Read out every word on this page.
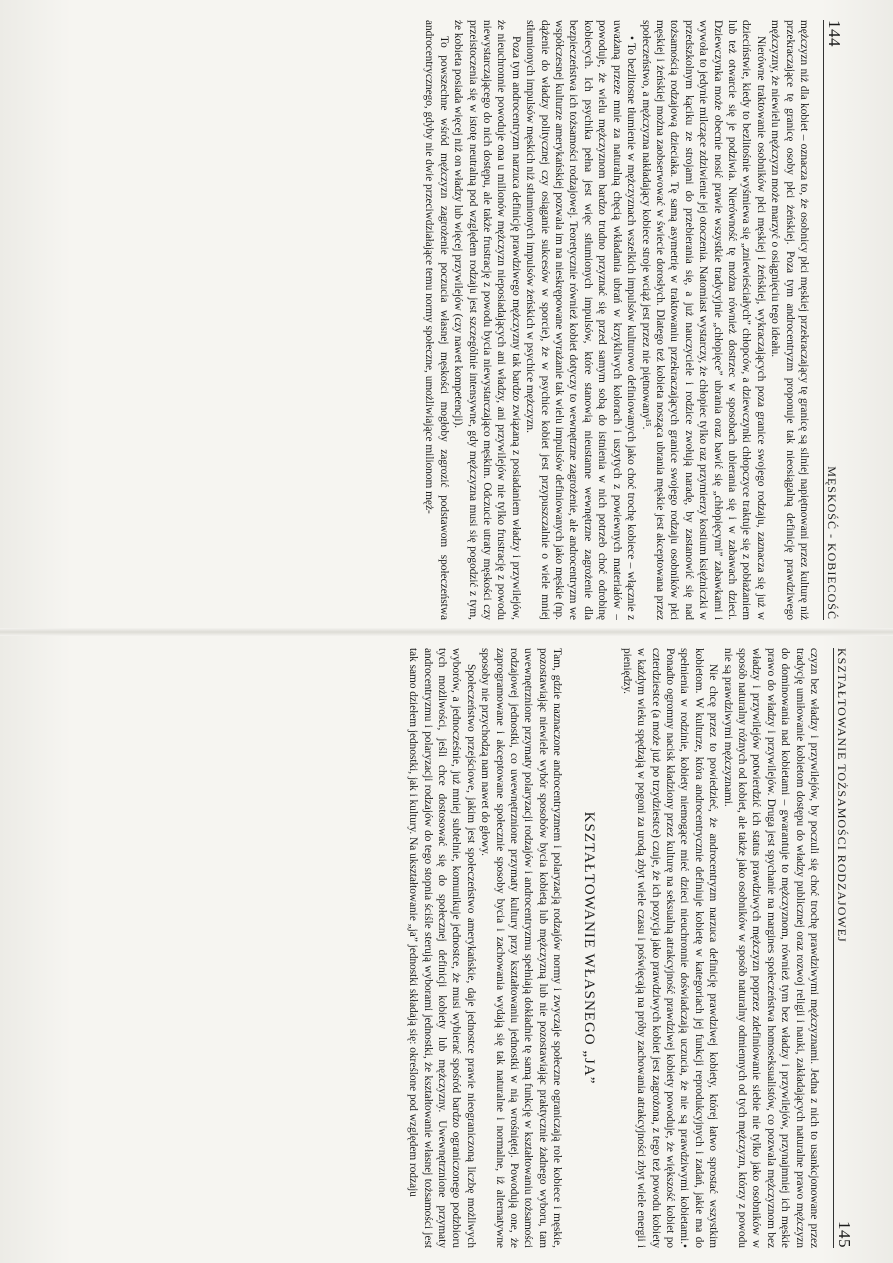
144
MĘSKOŚĆ - KOBIECOŚĆ

mężczyzn niż dla kobiet – oznacza to, że osobnicy płci męskiej przekraczający tę granicę są silniej napiętnowani przez kulturę niż przekraczające tę granicę osoby płci żeńskiej. Poza tym androcentryzm proponuje tak nieosiągalną definicję prawdziwego mężczyzny, że niewielu mężczyzn może marzyć o osiągnięciu tego ideału.

Nierówne traktowanie osobników płci męskiej i żeńskiej, wykraczających poza granice swojego rodzaju, zaznacza się już w dzieciństwie, kiedy to bezlitośnie wyśmiewa się „zniewieściałych” chłopców, a dziewczynki chłopczyce traktuje się z pobłażaniem lub też otwarcie się je podziwia. Nierówność tę można również dostrzec w sposobach ubierania się i w zabawach dzieci. Dziewczynka może obecnie nosić prawie wszystkie tradycyjnie „chłopięce” ubrania oraz bawić się „chłopięcymi” zabawkami i wywoła to jedynie milczące zdziwienie jej otoczenia. Natomiast wystarczy, że chłopiec tylko raz przymierzy kostium księżniczki w przedszkolnym kąciku ze strojami do przebierania się, a już nauczyciele i rodzice zwołują naradę, by zastanowić się nad tożsamością rodzajową dzieciaka. Tę samą asymetrię w traktowaniu przekraczających granice swojego rodzaju osobników płci męskiej i żeńskiej można zaobserwować w świecie dorosłych. Dlatego też kobieta nosząca ubrania męskie jest akceptowana przez społeczeństwo, a mężczyzna nakładający kobiece stroje wciąż jest przez nie piętnowany¹⁵.

• To bezlitosne tłumienie w mężczyznach wszelkich impulsów kulturowo definiowanych jako choć trochę kobiece – włącznie z uważaną przeze mnie za naturalną chęcią wkładania ubrań w krzykliwych kolorach i uszytych z powiewnych materiałów – powoduje, że wielu mężczyznom bardzo trudno przyznać się przed samym sobą do istnienia w nich potrzeb choć odrobinę kobiecych. Ich psychika pełna jest więc stłumionych impulsów, które stanowią nieustanne wewnętrzne zagrożenie dla bezpieczeństwa ich tożsamości rodzajowej. Teoretycznie również kobiet dotyczy to wewnętrzne zagrożenie, ale androcentryzm we współczesnej kulturze amerykańskiej pozwala im na nieskrępowane wyrażanie tak wielu impulsów definiowanych jako męskie (np. dążenie do władzy politycznej czy osiąganie sukcesów w sporcie), że w psychice kobiet jest przypuszczalnie o wiele mniej stłumionych impulsów męskich niż stłumionych impulsów żeńskich w psychice mężczyzn.

Poza tym androcentryzm narzuca definicję prawdziwego mężczyzny tak bardzo związaną z posiadaniem władzy i przywilejów, że nieuchronnie powoduje ona u milionów mężczyzn nieposiadających ani władzy, ani przywilejów nie tylko frustrację z powodu niewystarczającego do nich dostępu, ale także frustrację z powodu bycia niewystarczająco męskim. Odczucie utraty męskości czy przeistoczenia się w istotę neutralną pod względem rodzaju jest szczególnie intensywne, gdy mężczyzna musi się pogodzić z tym, że kobieta posiada więcej niż on władzy lub więcej przywilejów (czy nawet kompetencji).

To powszechne wśród mężczyzn zagrożenie poczucia własnej męskości mogłoby zagrozić podstawom społeczeństwa androcentrycznego, gdyby nie dwie przeciwdziałające temu normy społeczne, umożliwiające milionom męż-

KSZTAŁTOWANIE TOŻSAMOŚCI RODZAJOWEJ
145

czyzn bez władzy i przywilejów, by poczuli się choć trochę prawdziwymi mężczyznami. Jedna z nich to usankcjonowane przez tradycję umiłowanie kobietom dostępu do władzy publicznej oraz rozwoj religii i nauki, zakładających naturalne prawo mężczyzn do dominowania nad kobietami – gwarantuje to mężczyznom, również tym bez władzy i przywilejów, przynajmniej ich męskie prawo do władzy i przywilejów. Druga jest spychanie na margines społeczeństwa homoseksualistów, co pozwala mężczyznom bez władzy i przywilejów potwierdzić ich status prawdziwych mężczyzn poprzez zdefiniowanie siebie nie tylko jako osobników w sposób naturalny różnych od kobiet, ale także jako osobników w sposób naturalny odmiennych od tych mężczyzn, którzy z powodu nie są prawdziwymi mężczyznami.

Nie chcę przez to powiedzieć, że androcentryzm narzuca definicję prawdziwej kobiety, której łatwo sprostać wszystkim kobietom. W kulturze, która androcentrycznie definiuje kobietę w kategoriach jej funkcji reprodukcyjnych i zadań, jakie ma do spełnienia w rodzinie, kobiety niemogące mieć dzieci nieuchronnie doświadczają uczucia, że nie są prawdziwymi kobietami.• Ponadto ogromny nacisk kładziony przez kulturę na seksualną atrakcyjność prawdziwej kobiety powoduje, że większość kobiet po czterdziestce (a może już po trzydziestce) czuje, że ich pozycja jako prawdziwych kobiet jest zagrożona, z tego też powodu kobiety w każdym wieku spędzają w pogoni za urodą zbyt wiele czasu i poświęcają na próby zachowania atrakcyjności zbyt wiele energii i pieniędzy.

KSZTAŁTOWANIE WŁASNEGO „JA”

Tam, gdzie naznaczone androcentryzmem i polaryzacją rodzajów normy i zwyczaje społeczne ograniczają role kobiece i męskie, pozostawiając niewiele wybór sposobów bycia kobietą lub mężczyzną lub nie pozostawiając praktycznie żadnego wyboru, tam uwewnętrznione przymaty polaryzacji rodzajów i androcentryzmu spełniają dokładnie tę samą funkcję w kształtowaniu tożsamości rodzajowej jednostki, co uwewnętrznione przymaty kultury przy kształtowaniu jednostki w nią wrośniętej. Powodują one, że zaprogramowane i akceptowane społecznie sposoby bycia i zachowania wydają się tak naturalne i normalne, iż alternatywne sposoby nie przychodzą nam nawet do głowy.

Społeczeństwo przejściowe, jakim jest społeczeństwo amerykańskie, daje jednostce prawie nieograniczoną liczbę możliwych wyborów, a jednocześnie, już mniej subtelnie, komunikuje jednostce, że musi wybierać spośród bardzo ograniczonego podzbioru tych możliwości, jeśli chce dostosować się do społecznej definicji kobiety lub mężczyzny. Uwewnętrznione przymaty androcentryzmu i polaryzacji rodzajów do tego stopnia ściśle sterują wyborami jednostki, że kształtowanie własnej tożsamości jest tak samo dziełem jednostki, jak i kultury. Na ukształtowanie „ja” jednostki składają się: określone pod względem rodzaju
